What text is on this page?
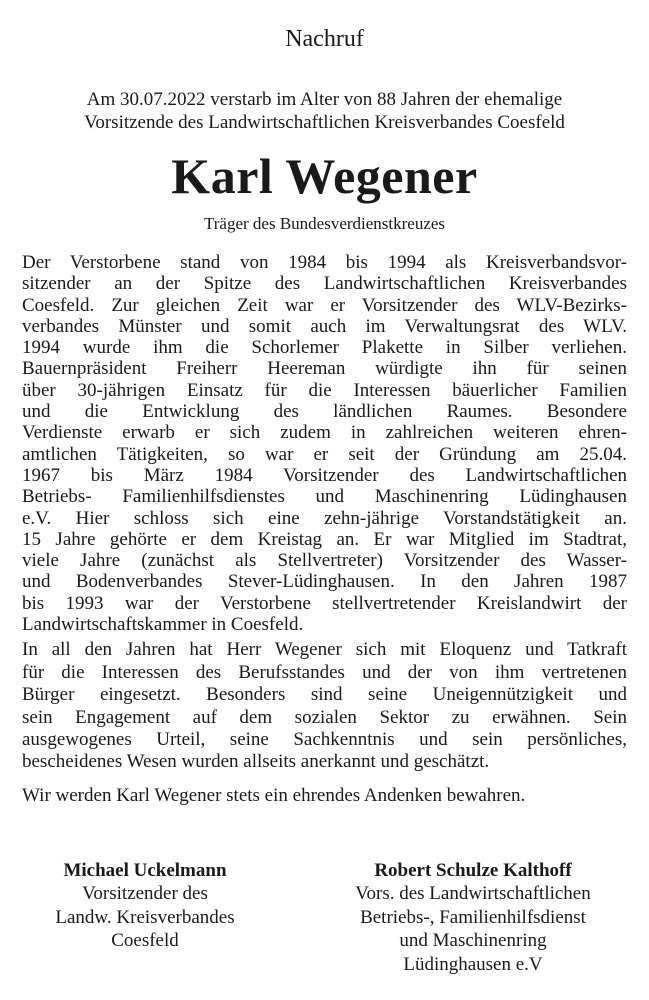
Nachruf
Am 30.07.2022 verstarb im Alter von 88 Jahren der ehemalige
Vorsitzende des Landwirtschaftlichen Kreisverbandes Coesfeld
Karl Wegener
Träger des Bundesverdienstkreuzes
Der Verstorbene stand von 1984 bis 1994 als Kreisverbandsvor-
sitzender an der Spitze des Landwirtschaftlichen Kreisverbandes
Coesfeld. Zur gleichen Zeit war er Vorsitzender des WLV-Bezirks-
verbandes Münster und somit auch im Verwaltungsrat des WLV.
1994 wurde ihm die Schorlemer Plakette in Silber verliehen.
Bauernpräsident Freiherr Heereman würdigte ihn für seinen
über 30-jährigen Einsatz für die Interessen bäuerlicher Familien
und die Entwicklung des ländlichen Raumes. Besondere
Verdienste erwarb er sich zudem in zahlreichen weiteren ehren-
amtlichen Tätigkeiten, so war er seit der Gründung am 25.04.
1967 bis März 1984 Vorsitzender des Landwirtschaftlichen
Betriebs- Familienhilfsdienstes und Maschinenring Lüdinghausen
e.V. Hier schloss sich eine zehn-jährige Vorstandstätigkeit an.
15 Jahre gehörte er dem Kreistag an. Er war Mitglied im Stadtrat,
viele Jahre (zunächst als Stellvertreter) Vorsitzender des Wasser-
und Bodenverbandes Stever-Lüdinghausen. In den Jahren 1987
bis 1993 war der Verstorbene stellvertretender Kreislandwirt der
Landwirtschaftskammer in Coesfeld.
In all den Jahren hat Herr Wegener sich mit Eloquenz und Tatkraft
für die Interessen des Berufsstandes und der von ihm vertretenen
Bürger eingesetzt. Besonders sind seine Uneigennützigkeit und
sein Engagement auf dem sozialen Sektor zu erwähnen. Sein
ausgewogenes Urteil, seine Sachkenntnis und sein persönliches,
bescheidenes Wesen wurden allseits anerkannt und geschätzt.
Wir werden Karl Wegener stets ein ehrendes Andenken bewahren.
Michael Uckelmann
Vorsitzender des
Landw. Kreisverbandes
Coesfeld
Robert Schulze Kalthoff
Vors. des Landwirtschaftlichen
Betriebs-, Familienhilfsdienst
und Maschinenring
Lüdinghausen e.V
